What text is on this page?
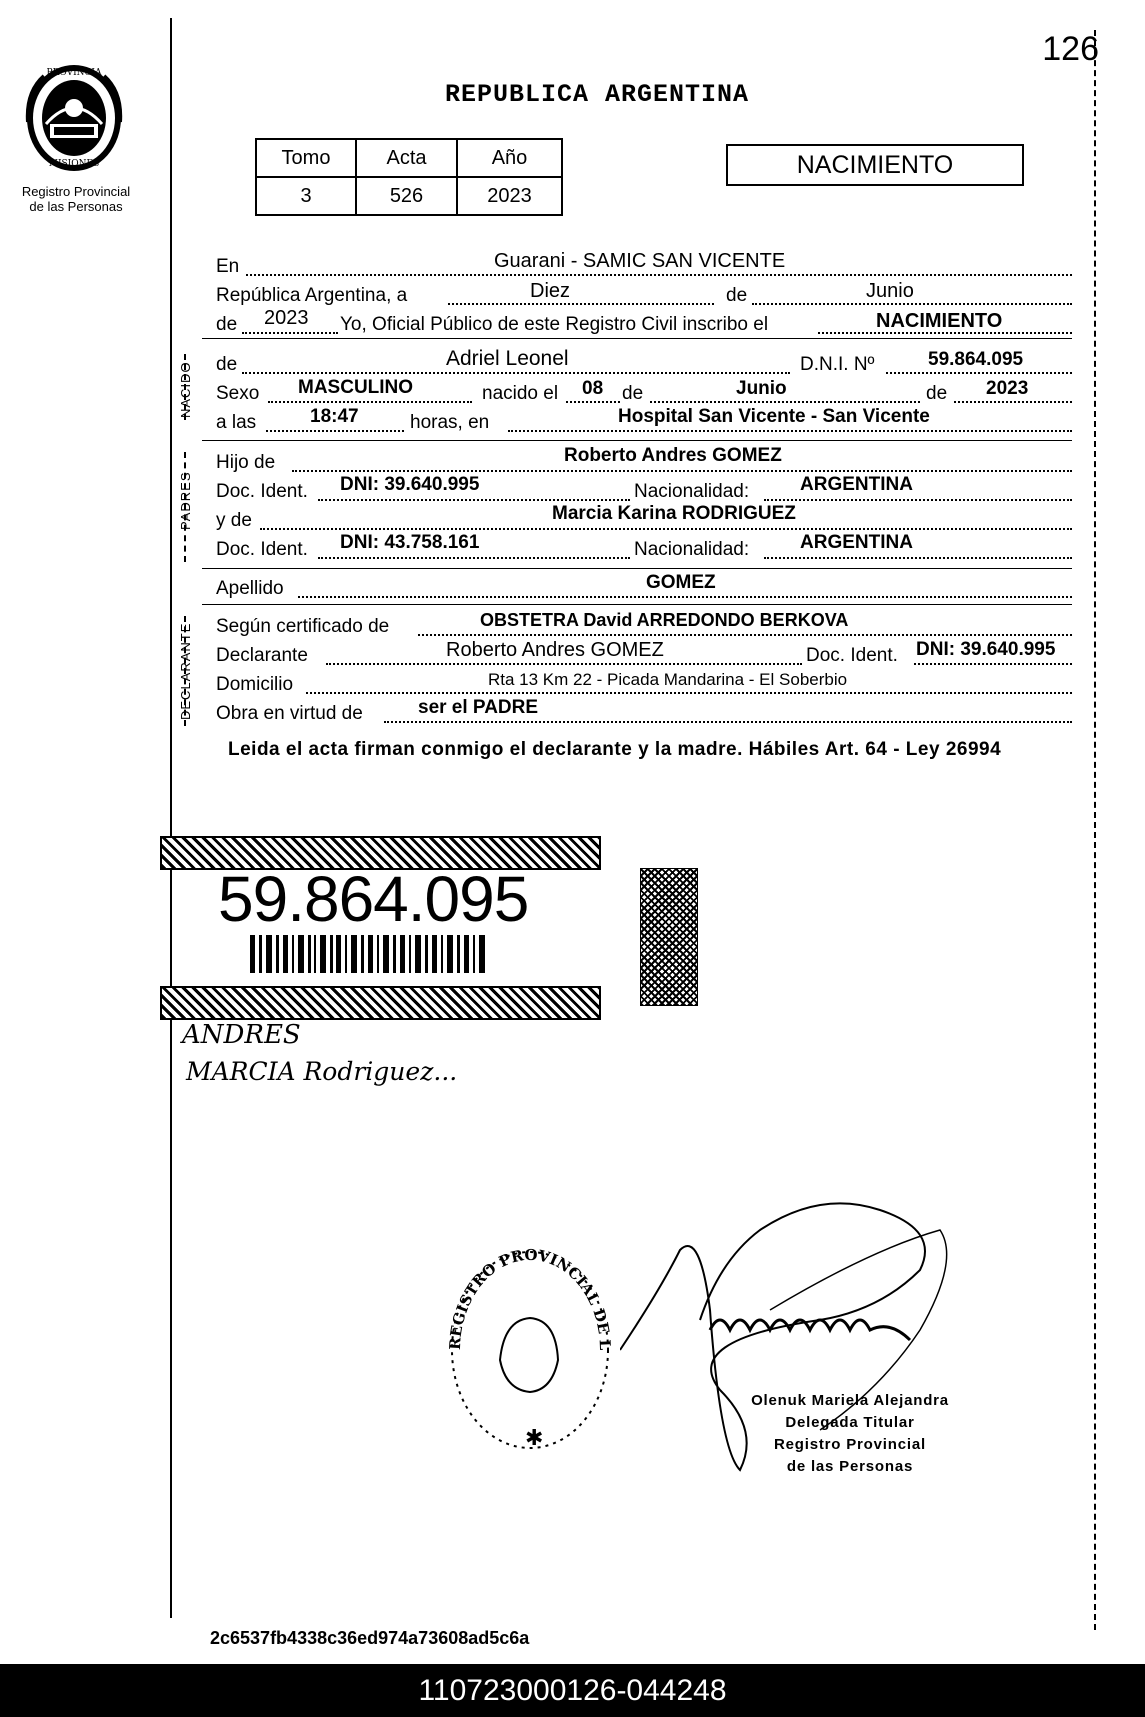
126
PROVINCIA
MISIONES
Registro Provincial
de las Personas
REPUBLICA ARGENTINA
Tomo	Acta	Año
3	526	2023
NACIMIENTO
En	Guarani - SAMIC SAN VICENTE
República Argentina, a	Diez	de	Junio
de 2023 Yo, Oficial Público de este Registro Civil inscribo el	NACIMIENTO
NACIDO de	Adriel Leonel	D.N.I. Nº	59.864.095
Sexo MASCULINO	nacido el 08 de	Junio	de 2023
a las	18:47	horas, en	Hospital San Vicente - San Vicente
PADRES
Hijo de	Roberto Andres GOMEZ
Doc. Ident. DNI: 39.640.995	Nacionalidad:	ARGENTINA
y de	Marcia Karina RODRIGUEZ
Doc. Ident. DNI: 43.758.161	Nacionalidad:	ARGENTINA
Apellido	GOMEZ
DECLARANTE Según certificado de	OBSTETRA David ARREDONDO BERKOVA
Declarante	Roberto Andres GOMEZ	Doc. Ident. DNI: 39.640.995
Domicilio	Rta 13 Km 22 - Picada Mandarina - El Soberbio
Obra en virtud de	ser el PADRE
Leida el acta firman conmigo el declarante y la madre. Hábiles Art. 64 - Ley 26994
59.864.095
ANDRES
MARCIA Rodriguez...
REGISTRO PROVINCIAL DE L
✱
Olenuk Mariela Alejandra
Delegada Titular
Registro Provincial
de las Personas
2c6537fb4338c36ed974a73608ad5c6a
110723000126-044248
